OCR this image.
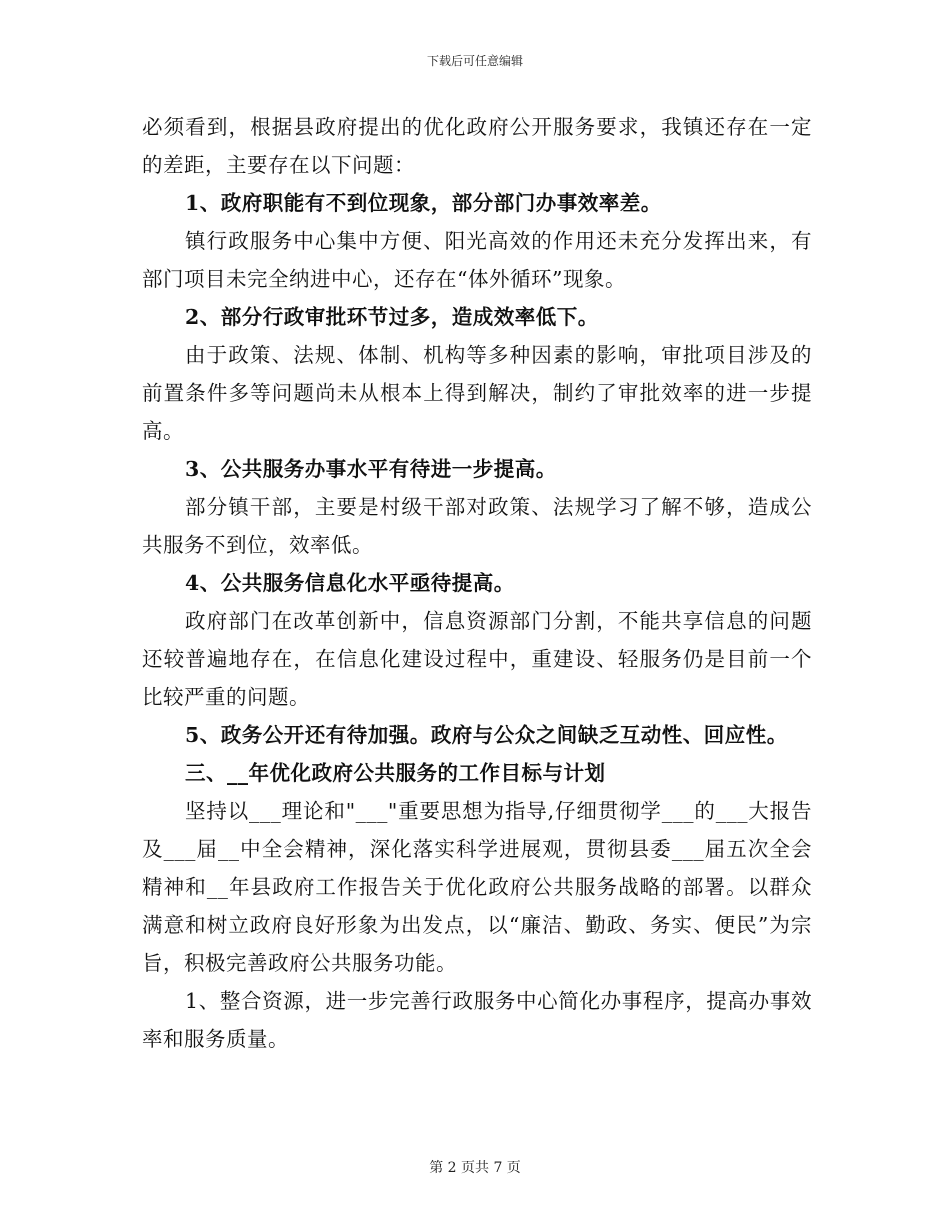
下载后可任意编辑

必须看到，根据县政府提出的优化政府公开服务要求，我镇还存在一定的差距，主要存在以下问题：

1、政府职能有不到位现象，部分部门办事效率差。

镇行政服务中心集中方便、阳光高效的作用还未充分发挥出来，有部门项目未完全纳进中心，还存在“体外循环”现象。

2、部分行政审批环节过多，造成效率低下。

由于政策、法规、体制、机构等多种因素的影响，审批项目涉及的前置条件多等问题尚未从根本上得到解决，制约了审批效率的进一步提高。

3、公共服务办事水平有待进一步提高。

部分镇干部，主要是村级干部对政策、法规学习了解不够，造成公共服务不到位，效率低。

4、公共服务信息化水平亟待提高。

政府部门在改革创新中，信息资源部门分割，不能共享信息的问题还较普遍地存在，在信息化建设过程中，重建设、轻服务仍是目前一个比较严重的问题。

5、政务公开还有待加强。政府与公众之间缺乏互动性、回应性。

三、__年优化政府公共服务的工作目标与计划

坚持以___理论和"___"重要思想为指导,仔细贯彻学___的___大报告及___届__中全会精神，深化落实科学进展观，贯彻县委___届五次全会精神和__年县政府工作报告关于优化政府公共服务战略的部署。以群众满意和树立政府良好形象为出发点，以“廉洁、勤政、务实、便民”为宗旨，积极完善政府公共服务功能。

1、整合资源，进一步完善行政服务中心简化办事程序，提高办事效率和服务质量。

第 2 页共 7 页
